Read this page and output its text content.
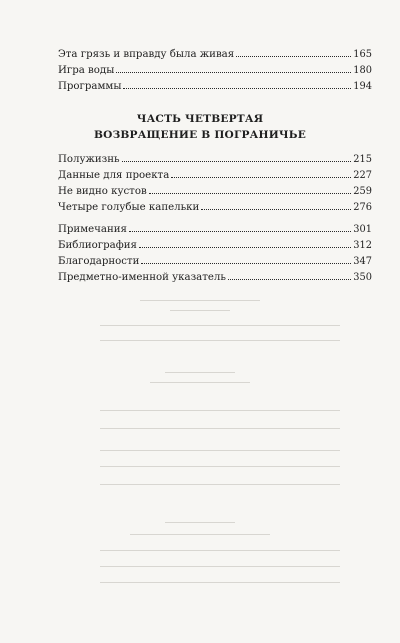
Эта грязь и вправду была живая	165
Игра воды	180
Программы	194
ЧАСТЬ ЧЕТВЕРТАЯ
ВОЗВРАЩЕНИЕ В ПОГРАНИЧЬЕ
Полужизнь	215
Данные для проекта	227
Не видно кустов	259
Четыре голубые капельки	276
Примечания	301
Библиография	312
Благодарности	347
Предметно-именной указатель	350
